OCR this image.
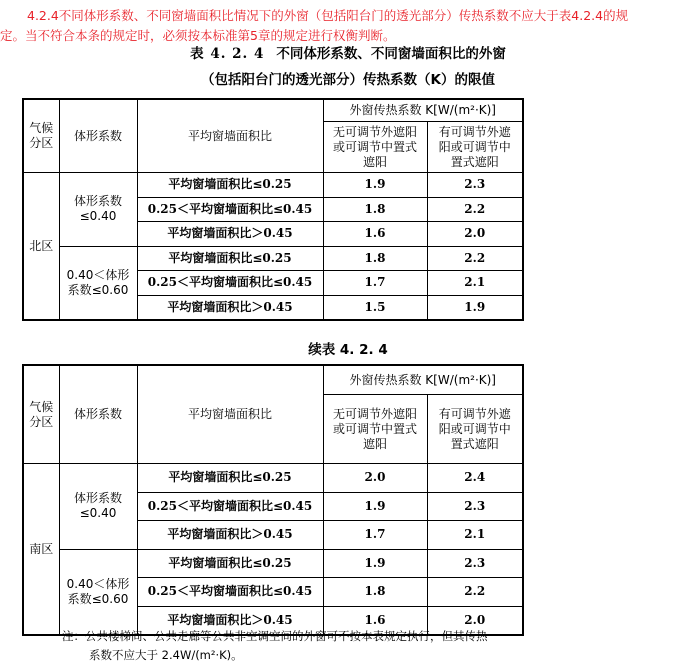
4.2.4不同体形系数、不同窗墙面积比情况下的外窗（包括阳台门的透光部分）传热系数不应大于表4.2.4的规
定。当不符合本条的规定时，必须按本标准第5章的规定进行权衡判断。
表 4. 2. 4 不同体形系数、不同窗墙面积比的外窗
（包括阳台门的透光部分）传热系数（K）的限值
气候
分区	体形系数	平均窗墙面积比	外窗传热系数 K[W/(m²·K)]	
			无可调节外遮阳
或可调节中置式
遮阳	有可调节外遮
阳或可调节中
置式遮阳
北区	体形系数
≤0.40	平均窗墙面积比≤0.25	1.9	2.3
		0.25＜平均窗墙面积比≤0.45	1.8	2.2
		平均窗墙面积比＞0.45	1.6	2.0
	0.40＜体形
系数≤0.60	平均窗墙面积比≤0.25	1.8	2.2
		0.25＜平均窗墙面积比≤0.45	1.7	2.1
		平均窗墙面积比＞0.45	1.5	1.9
续表 4. 2. 4
气候
分区	体形系数	平均窗墙面积比	外窗传热系数 K[W/(m²·K)]	
			无可调节外遮阳
或可调节中置式
遮阳	有可调节外遮
阳或可调节中
置式遮阳
南区	体形系数
≤0.40	平均窗墙面积比≤0.25	2.0	2.4
		0.25＜平均窗墙面积比≤0.45	1.9	2.3
		平均窗墙面积比＞0.45	1.7	2.1
	0.40＜体形
系数≤0.60	平均窗墙面积比≤0.25	1.9	2.3
		0.25＜平均窗墙面积比≤0.45	1.8	2.2
		平均窗墙面积比＞0.45	1.6	2.0
注：公共楼梯间、公共走廊等公共非空调空间的外窗可不按本表规定执行，但其传热
系数不应大于 2.4W/(m²·K)。
